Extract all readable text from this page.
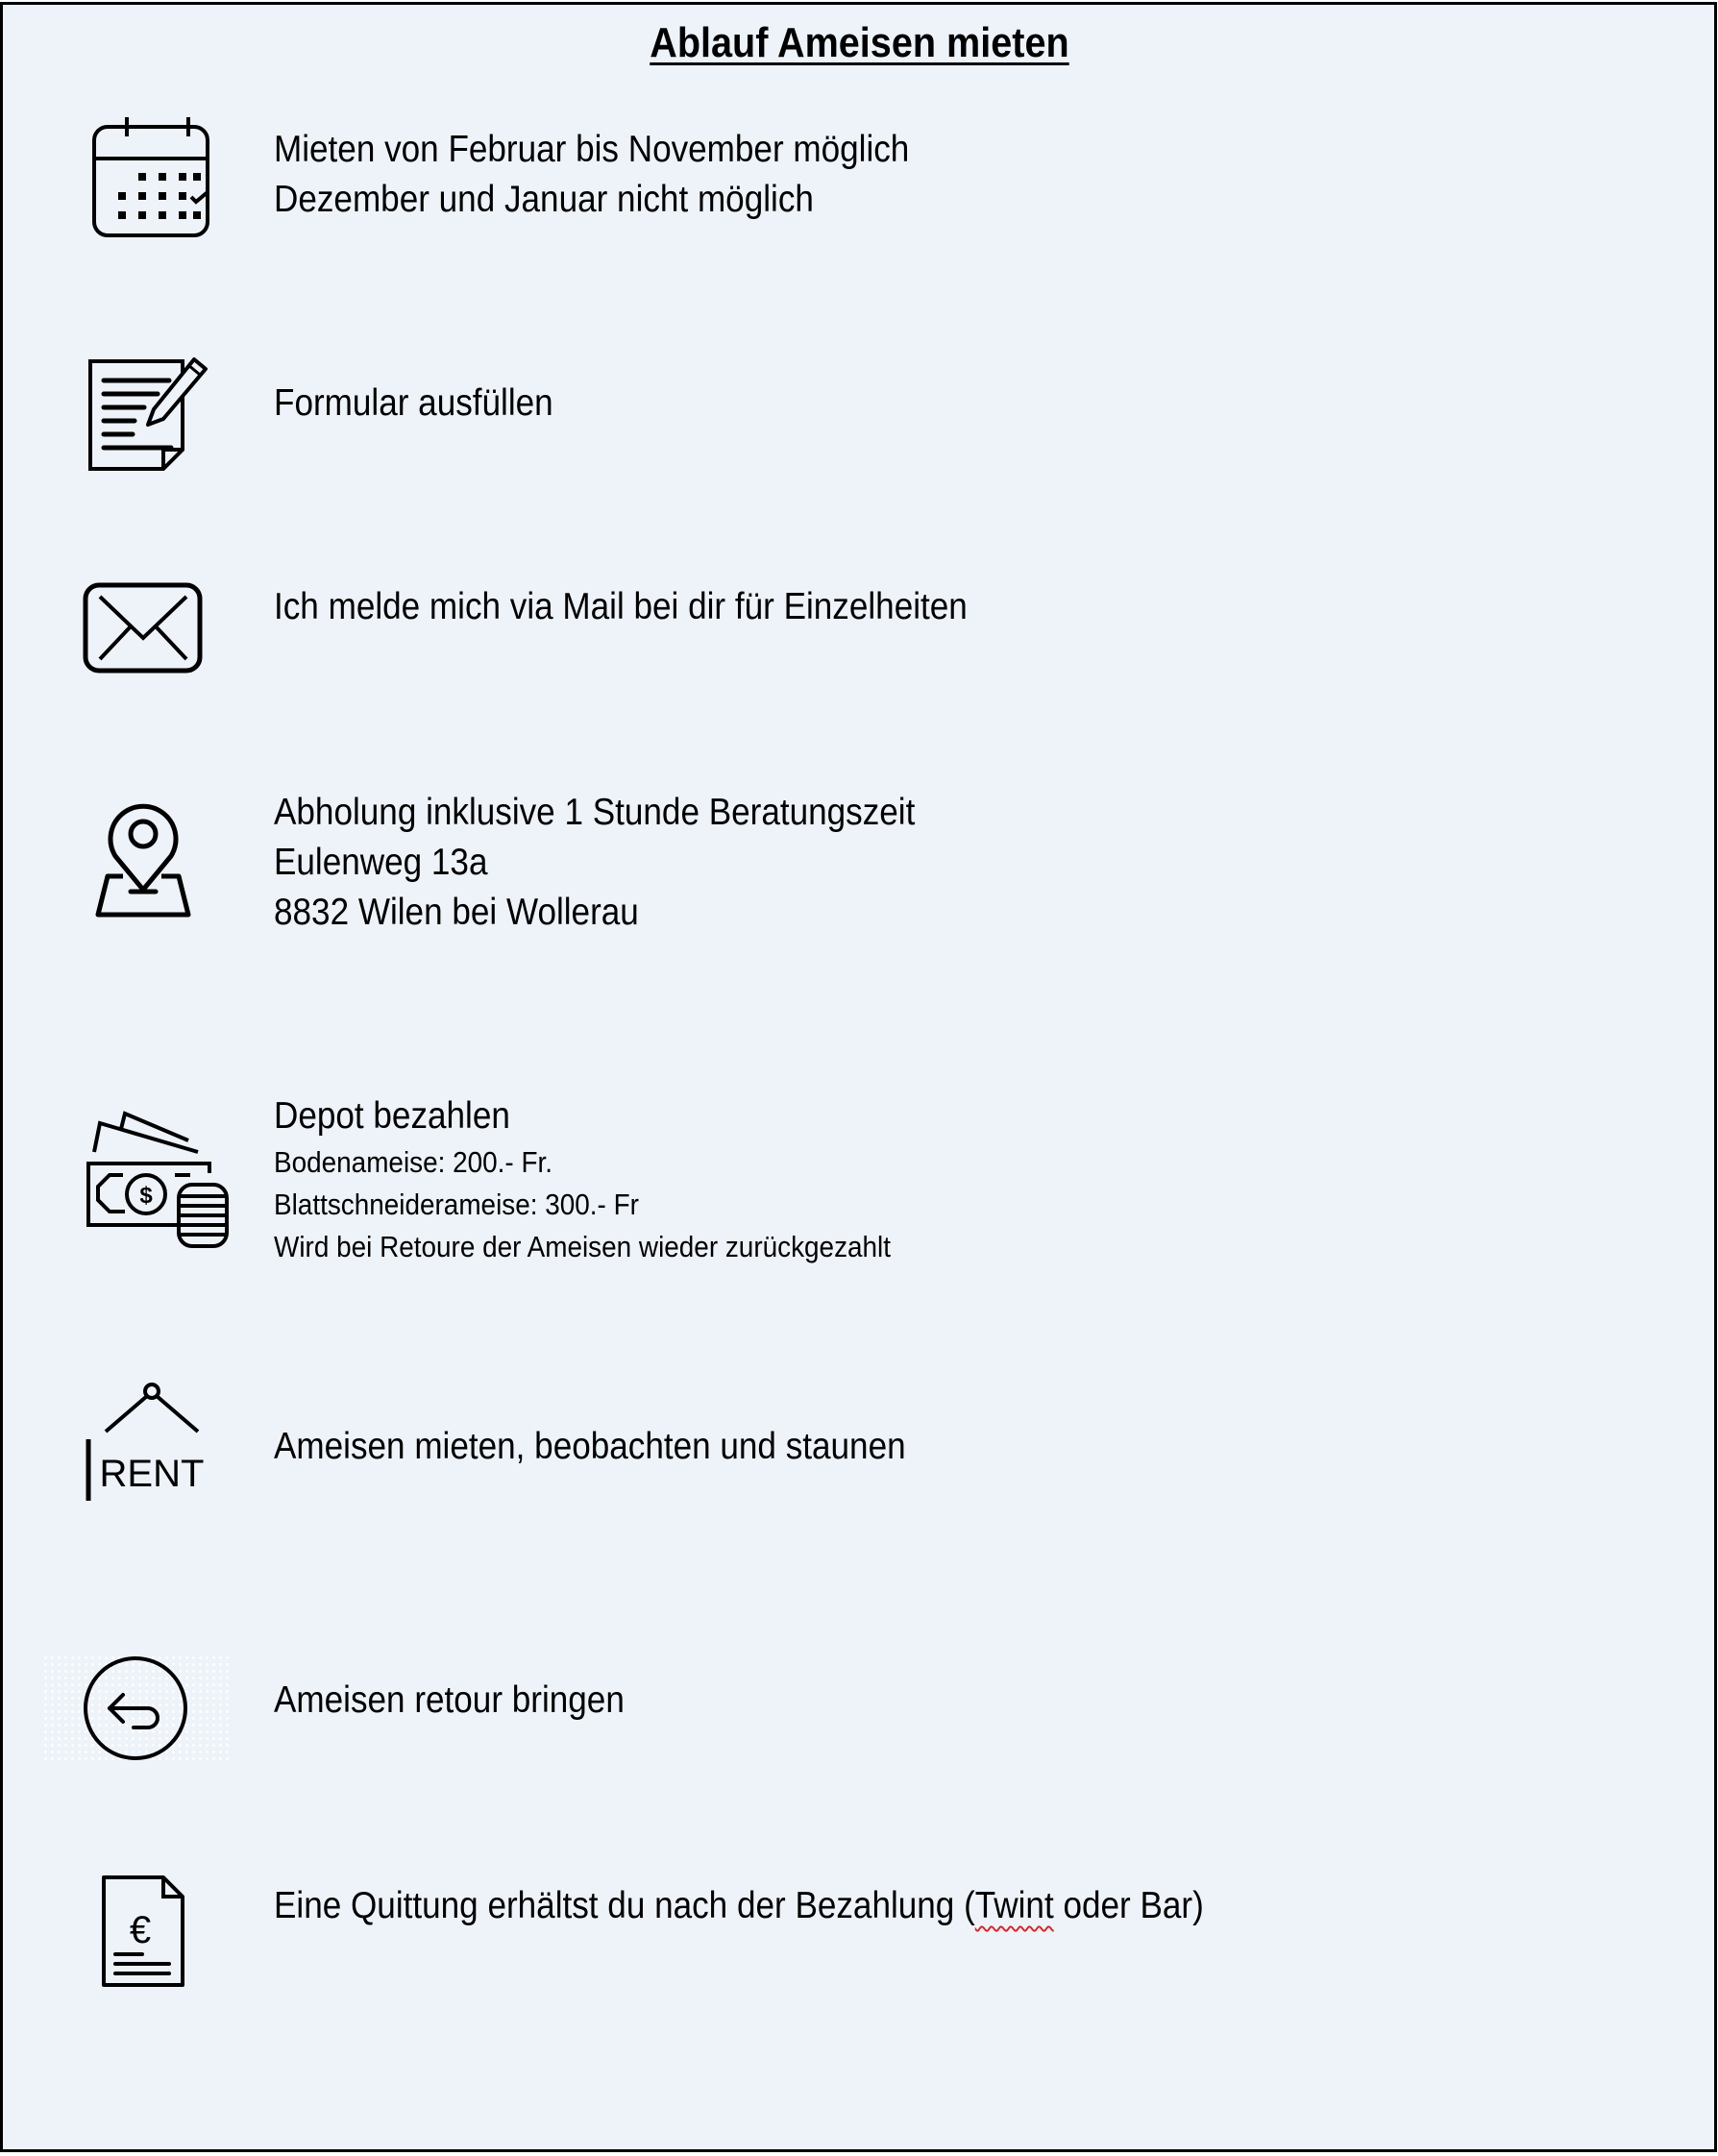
Ablauf Ameisen mieten
Mieten von Februar bis November möglich
Dezember und Januar nicht möglich
Formular ausfüllen
Ich melde mich via Mail bei dir für Einzelheiten
Abholung inklusive 1 Stunde Beratungszeit
Eulenweg 13a
8832 Wilen bei Wollerau
$
Depot bezahlen
Bodenameise: 200.- Fr.
Blattschneiderameise: 300.- Fr
Wird bei Retoure der Ameisen wieder zurückgezahlt
RENT
Ameisen mieten, beobachten und staunen
Ameisen retour bringen
€
Eine Quittung erhältst du nach der Bezahlung (Twint oder Bar)
